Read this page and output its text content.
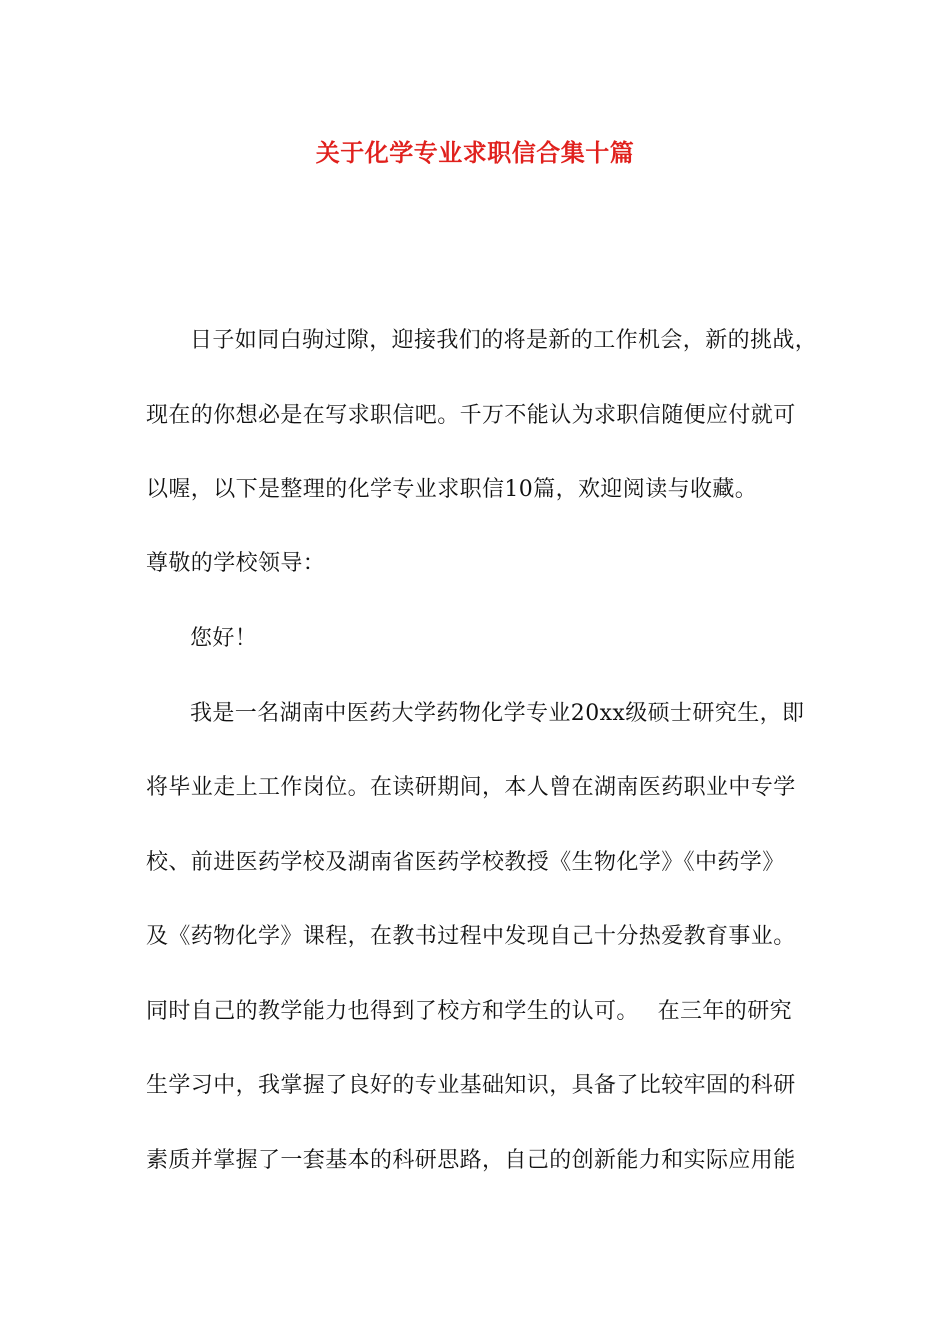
关于化学专业求职信合集十篇
日子如同白驹过隙，迎接我们的将是新的工作机会，新的挑战，
现在的你想必是在写求职信吧。千万不能认为求职信随便应付就可
以喔，以下是整理的化学专业求职信10篇，欢迎阅读与收藏。
尊敬的学校领导：
您好！
我是一名湖南中医药大学药物化学专业20xx级硕士研究生，即
将毕业走上工作岗位。在读研期间，本人曾在湖南医药职业中专学
校、前进医药学校及湖南省医药学校教授《生物化学》《中药学》
及《药物化学》课程，在教书过程中发现自己十分热爱教育事业。
同时自己的教学能力也得到了校方和学生的认可。　 在三年的研究
生学习中，我掌握了良好的专业基础知识，具备了比较牢固的科研
素质并掌握了一套基本的科研思路，自己的创新能力和实际应用能
